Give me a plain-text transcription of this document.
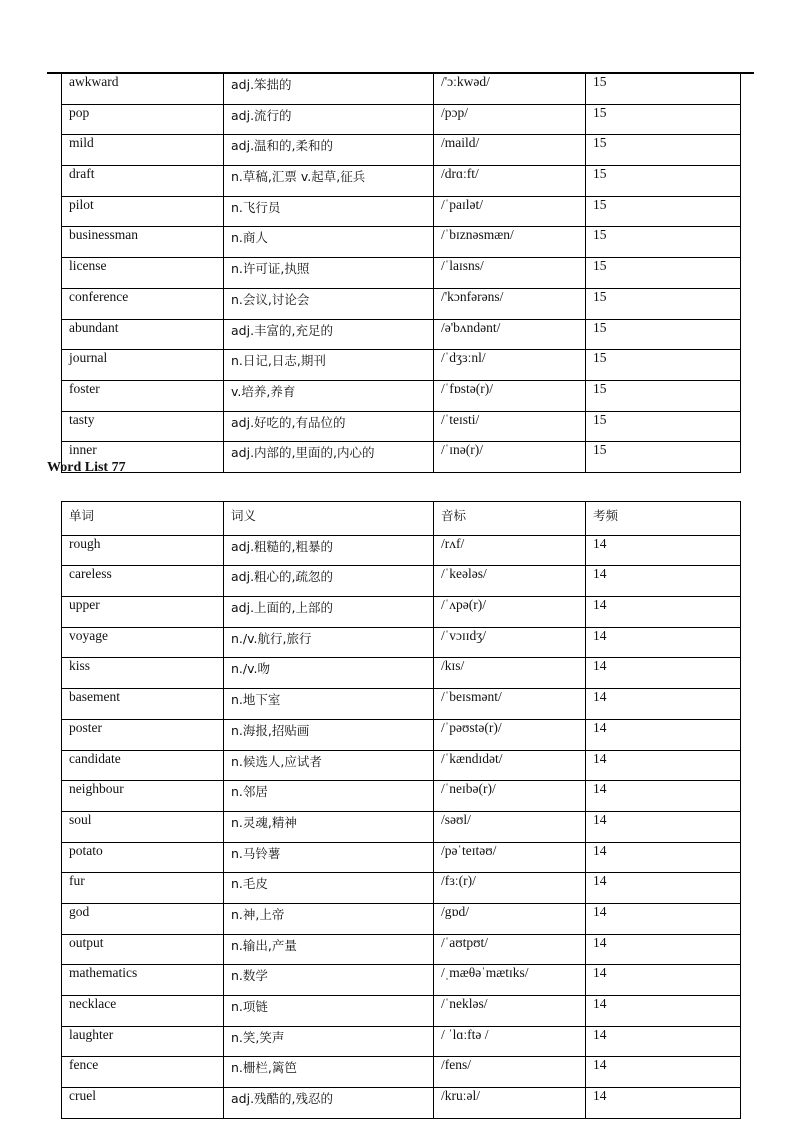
awkward	adj.笨拙的	/'ɔːkwəd/	15
pop	adj.流行的	/pɔp/	15
mild	adj.温和的,柔和的	/maild/	15
draft	n.草稿,汇票 v.起草,征兵	/drɑːft/	15
pilot	n.飞行员	/ˈpaɪlət/	15
businessman	n.商人	/ˈbɪznəsmæn/	15
license	n.许可证,执照	/ˈlaɪsns/	15
conference	n.会议,讨论会	/'kɔnfərəns/	15
abundant	adj.丰富的,充足的	/ə'bʌndənt/	15
journal	n.日记,日志,期刊	/ˈdʒɜːnl/	15
foster	v.培养,养育	/ˈfɒstə(r)/	15
tasty	adj.好吃的,有品位的	/ˈteɪsti/	15
inner	adj.内部的,里面的,内心的	/ˈɪnə(r)/	15
Word List 77
单词	词义	音标	考频
rough	adj.粗糙的,粗暴的	/rʌf/	14
careless	adj.粗心的,疏忽的	/ˈkeələs/	14
upper	adj.上面的,上部的	/ˈʌpə(r)/	14
voyage	n./v.航行,旅行	/ˈvɔɪɪdʒ/	14
kiss	n./v.吻	/kɪs/	14
basement	n.地下室	/ˈbeɪsmənt/	14
poster	n.海报,招贴画	/ˈpəʊstə(r)/	14
candidate	n.候选人,应试者	/ˈkændɪdət/	14
neighbour	n.邻居	/ˈneɪbə(r)/	14
soul	n.灵魂,精神	/səʊl/	14
potato	n.马铃薯	/pəˈteɪtəʊ/	14
fur	n.毛皮	/fɜː(r)/	14
god	n.神,上帝	/gɒd/	14
output	n.输出,产量	/ˈaʊtpʊt/	14
mathematics	n.数学	/ˌmæθəˈmætɪks/	14
necklace	n.项链	/ˈnekləs/	14
laughter	n.笑,笑声	/ ˈlɑːftə /	14
fence	n.栅栏,篱笆	/fens/	14
cruel	adj.残酷的,残忍的	/kruːəl/	14
